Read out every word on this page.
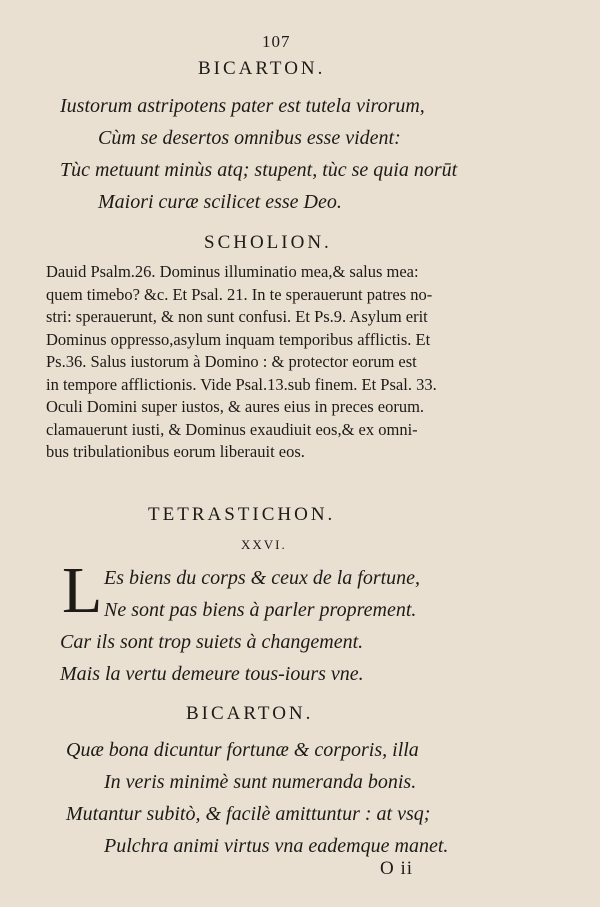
107
BICARTON.
Iustorum astripotens pater est tutela virorum,
Cùm se desertos omnibus esse vident:
Tùc metuunt minùs atq; stupent, tùc se quia norūt
Maiori curæ scilicet esse Deo.
SCHOLION.
Dauid Psalm.26. Dominus illuminatio mea,& salus mea:
quem timebo? &c. Et Psal. 21. In te sperauerunt patres no-
stri: sperauerunt, & non sunt confusi. Et Ps.9. Asylum erit
Dominus oppresso,asylum inquam temporibus afflictis. Et
Ps.36. Salus iustorum à Domino : & protector eorum est
in tempore afflictionis. Vide Psal.13.sub finem. Et Psal. 33.
Oculi Domini super iustos, & aures eius in preces eorum.
clamauerunt iusti, & Dominus exaudiuit eos,& ex omni-
bus tribulationibus eorum liberauit eos.
TETRASTICHON.
XXVI.
L Es biens du corps & ceux de la fortune,
Ne sont pas biens à parler proprement.
Car ils sont trop suiets à changement.
Mais la vertu demeure tous-iours vne.
BICARTON.
Quæ bona dicuntur fortunæ & corporis, illa
In veris minimè sunt numeranda bonis.
Mutantur subitò, & facilè amittuntur : at vsq;
Pulchra animi virtus vna eademque manet.
O ii
